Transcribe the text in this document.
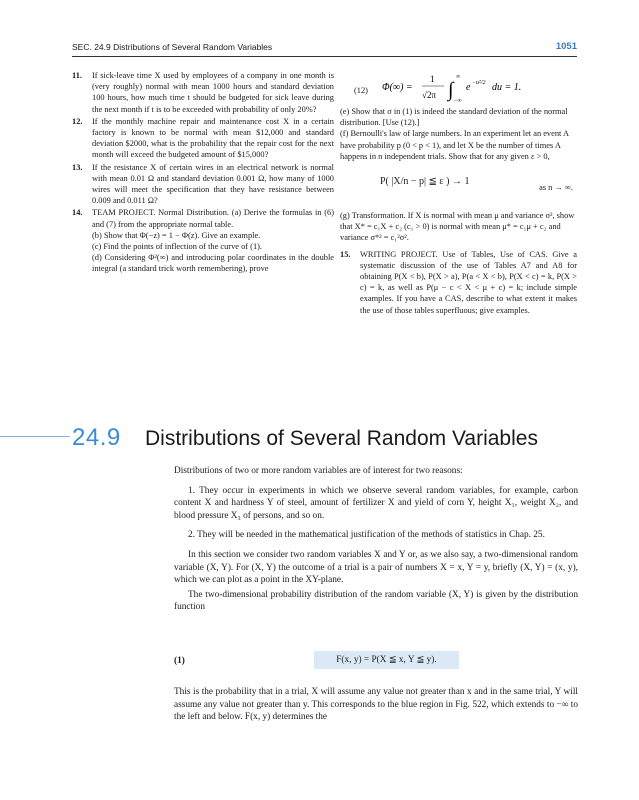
SEC. 24.9 Distributions of Several Random Variables	1051
11. If sick-leave time X used by employees of a company in one month is (very roughly) normal with mean 1000 hours and standard deviation 100 hours, how much time t should be budgeted for sick leave during the next month if t is to be exceeded with probability of only 20%?

12. If the monthly machine repair and maintenance cost X in a certain factory is known to be normal with mean $12,000 and standard deviation $2000, what is the probability that the repair cost for the next month will exceed the budgeted amount of $15,000?

13. If the resistance X of certain wires in an electrical network is normal with mean 0.01 Ω and standard deviation 0.001 Ω, how many of 1000 wires will meet the specification that they have resistance between 0.009 and 0.011 Ω?

14. TEAM PROJECT. Normal Distribution. (a) Derive the formulas in (6) and (7) from the appropriate normal table.

(b) Show that Φ(−z) = 1 − Φ(z). Give an example.

(c) Find the points of inflection of the curve of (1).

(d) Considering Φ²(∞) and introducing polar coordinates in the double integral (a standard trick worth remembering), prove

(12) Φ(∞) =
1
√2π ∫
∞
−∞
e −u²/2 du = 1.

(e) Show that σ in (1) is indeed the standard deviation of the normal distribution. [Use (12).]

(f) Bernoulli's law of large numbers. In an experiment let an event A have probability p (0 < p < 1), and let X be the number of times A happens in n independent trials. Show that for any given ε > 0,

P( |X/n − p| ≦ ε ) → 1
as n → ∞.

(g) Transformation. If X is normal with mean μ and variance σ², show that X* = c₁X + c₂ (c₁ > 0) is normal with mean μ* = c₁μ + c₂ and variance σ*² = c₁²σ².

15. WRITING PROJECT. Use of Tables, Use of CAS. Give a systematic discussion of the use of Tables A7 and A8 for obtaining P(X < b), P(X > a), P(a < X < b), P(X < c) = k, P(X > c) = k, as well as P(μ − c < X < μ + c) = k; include simple examples. If you have a CAS, describe to what extent it makes the use of those tables superfluous; give examples.

24.9 Distributions of Several Random Variables

Distributions of two or more random variables are of interest for two reasons:

1. They occur in experiments in which we observe several random variables, for example, carbon content X and hardness Y of steel, amount of fertilizer X and yield of corn Y, height X₁, weight X₂, and blood pressure X₃ of persons, and so on.

2. They will be needed in the mathematical justification of the methods of statistics in Chap. 25.

In this section we consider two random variables X and Y or, as we also say, a two-dimensional random variable (X, Y). For (X, Y) the outcome of a trial is a pair of numbers X = x, Y = y, briefly (X, Y) = (x, y), which we can plot as a point in the XY-plane.

The two-dimensional probability distribution of the random variable (X, Y) is given by the distribution function

(1)	F(x, y) = P(X ≦ x, Y ≦ y).
This is the probability that in a trial, X will assume any value not greater than x and in the same trial, Y will assume any value not greater than y. This corresponds to the blue region in Fig. 522, which extends to −∞ to the left and below. F(x, y) determines the
